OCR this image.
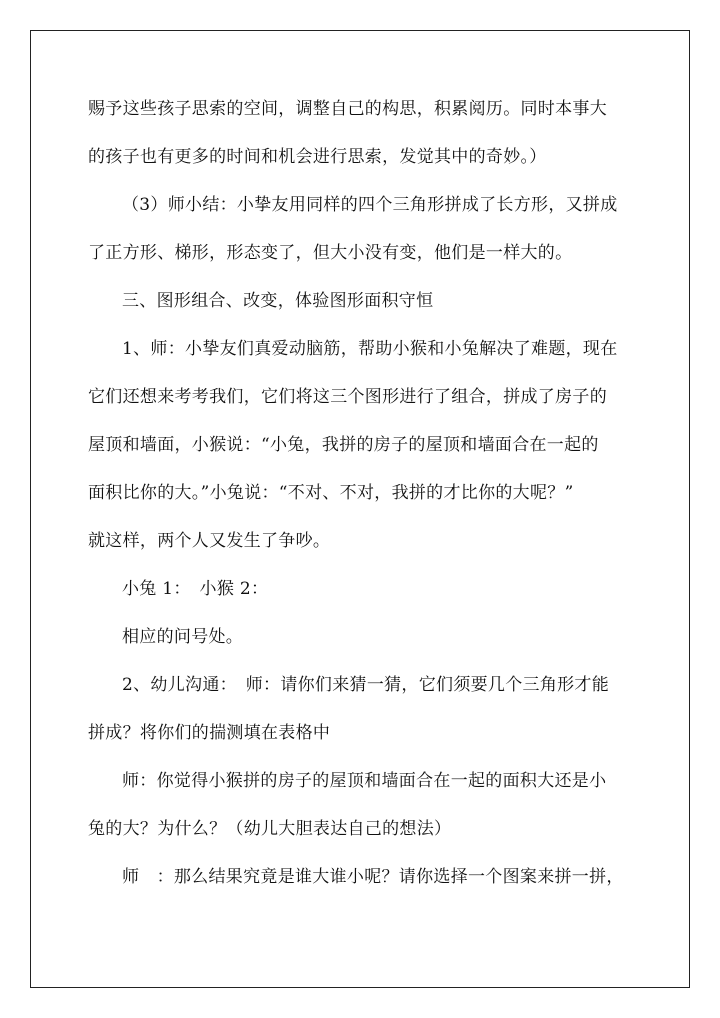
赐予这些孩子思索的空间，调整自己的构思，积累阅历。同时本事大
的孩子也有更多的时间和机会进行思索，发觉其中的奇妙。）
（3）师小结：小挚友用同样的四个三角形拼成了长方形，又拼成
了正方形、梯形，形态变了，但大小没有变，他们是一样大的。
三、图形组合、改变，体验图形面积守恒
1、师：小挚友们真爱动脑筋，帮助小猴和小兔解决了难题，现在
它们还想来考考我们，它们将这三个图形进行了组合，拼成了房子的
屋顶和墙面，小猴说：“小兔，我拼的房子的屋顶和墙面合在一起的
面积比你的大。”小兔说：“不对、不对，我拼的才比你的大呢？”
就这样，两个人又发生了争吵。
小兔 1：　小猴 2：
相应的问号处。
2、幼儿沟通：　师：请你们来猜一猜，它们须要几个三角形才能
拼成？将你们的揣测填在表格中
师：你觉得小猴拼的房子的屋顶和墙面合在一起的面积大还是小
兔的大？为什么？（幼儿大胆表达自己的想法）
师　：那么结果究竟是谁大谁小呢？请你选择一个图案来拼一拼，
